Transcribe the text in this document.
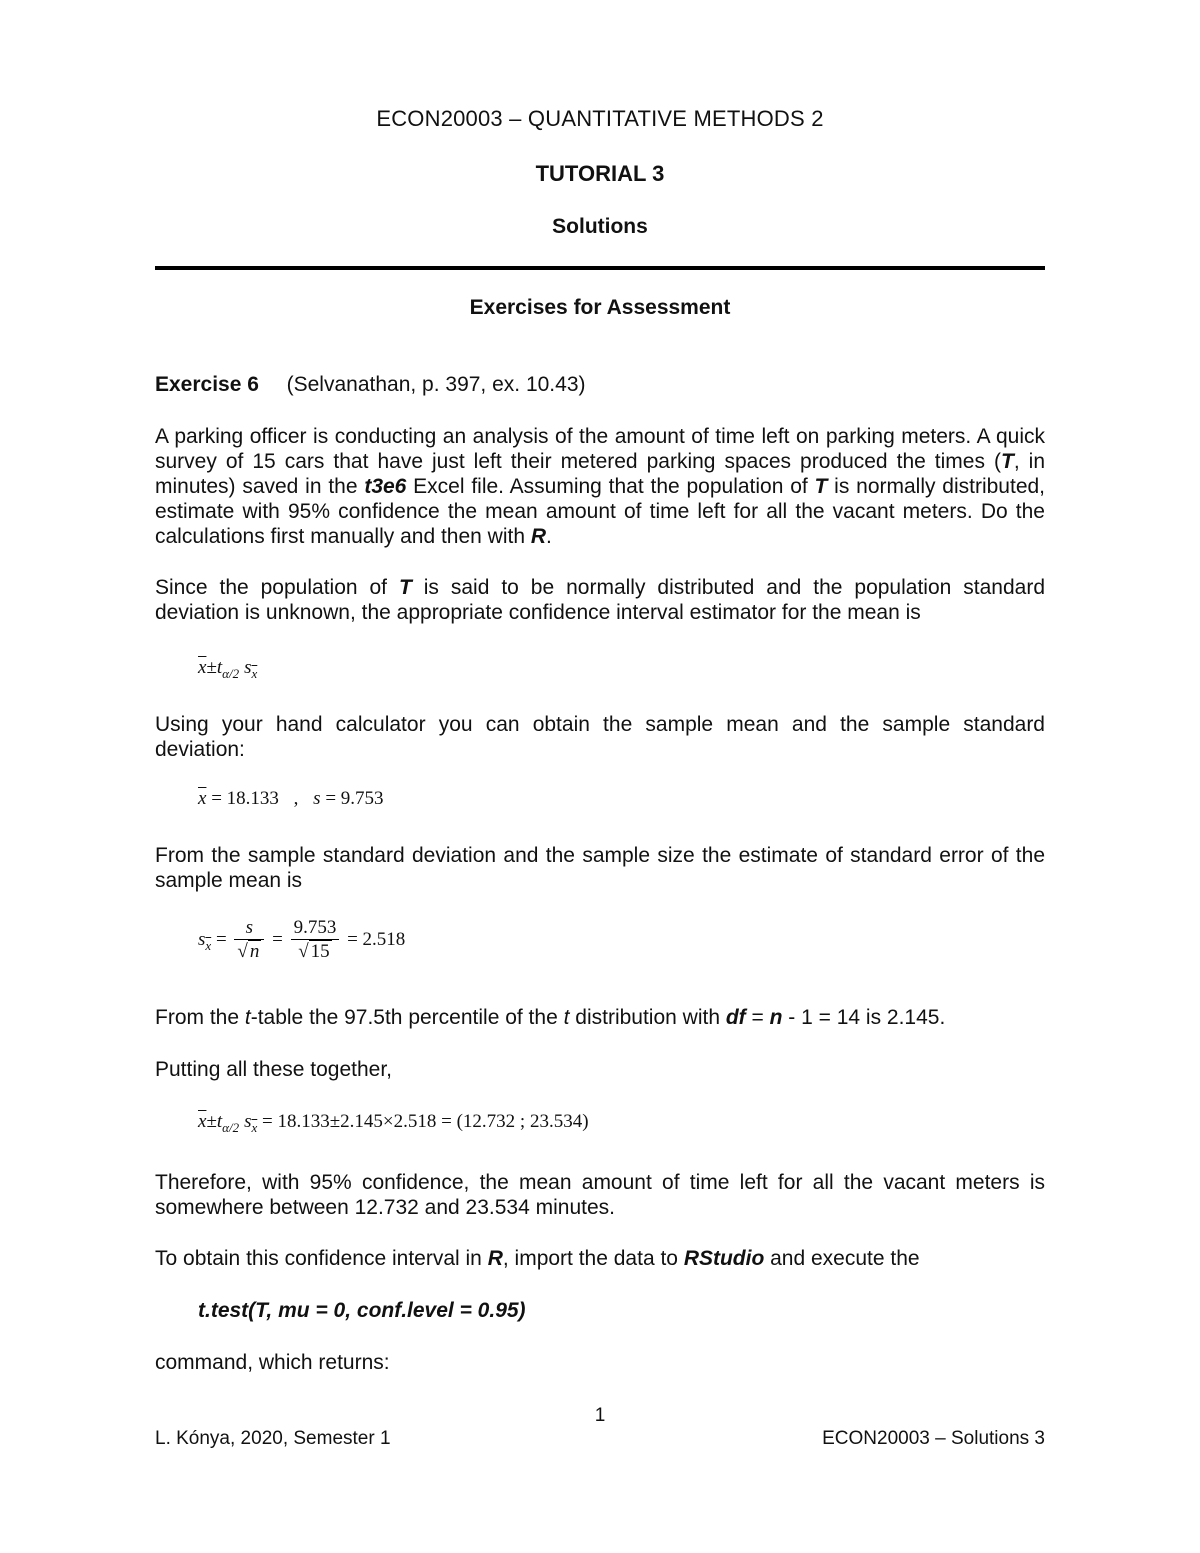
ECON20003 – QUANTITATIVE METHODS 2
TUTORIAL 3
Solutions
Exercises for Assessment
Exercise 6 (Selvanathan, p. 397, ex. 10.43)
A parking officer is conducting an analysis of the amount of time left on parking meters. A quick survey of 15 cars that have just left their metered parking spaces produced the times (T, in minutes) saved in the t3e6 Excel file. Assuming that the population of T is normally distributed, estimate with 95% confidence the mean amount of time left for all the vacant meters. Do the calculations first manually and then with R.
Since the population of T is said to be normally distributed and the population standard deviation is unknown, the appropriate confidence interval estimator for the mean is
$\overline{x}\pm t_{\alpha/2}$ $s_{\overline{x}}$
Using your hand calculator you can obtain the sample mean and the sample standard deviation:
$\overline{x} = 18.133$ , s = 9.753
From the sample standard deviation and the sample size the estimate of standard error of the sample mean is
$s_{\overline{x}} = \frac{s}{√ n} = \frac{9.753}{√ 15} = 2.518$
From the t-table the 97.5th percentile of the t distribution with df = n - 1 = 14 is 2.145.
Putting all these together,
$\overline{x}\pm t_{\alpha/2}$ $s_{\overline{x}} = 18.133\pm 2.145\times 2.518 = (12.732$ ; 23.534)
Therefore, with 95% confidence, the mean amount of time left for all the vacant meters is somewhere between 12.732 and 23.534 minutes.
To obtain this confidence interval in R, import the data to RStudio and execute the
t.test(T, mu = 0, conf.level = 0.95)
command, which returns:
1
L. Kónya, 2020, Semester 1	ECON20003 – Solutions 3
